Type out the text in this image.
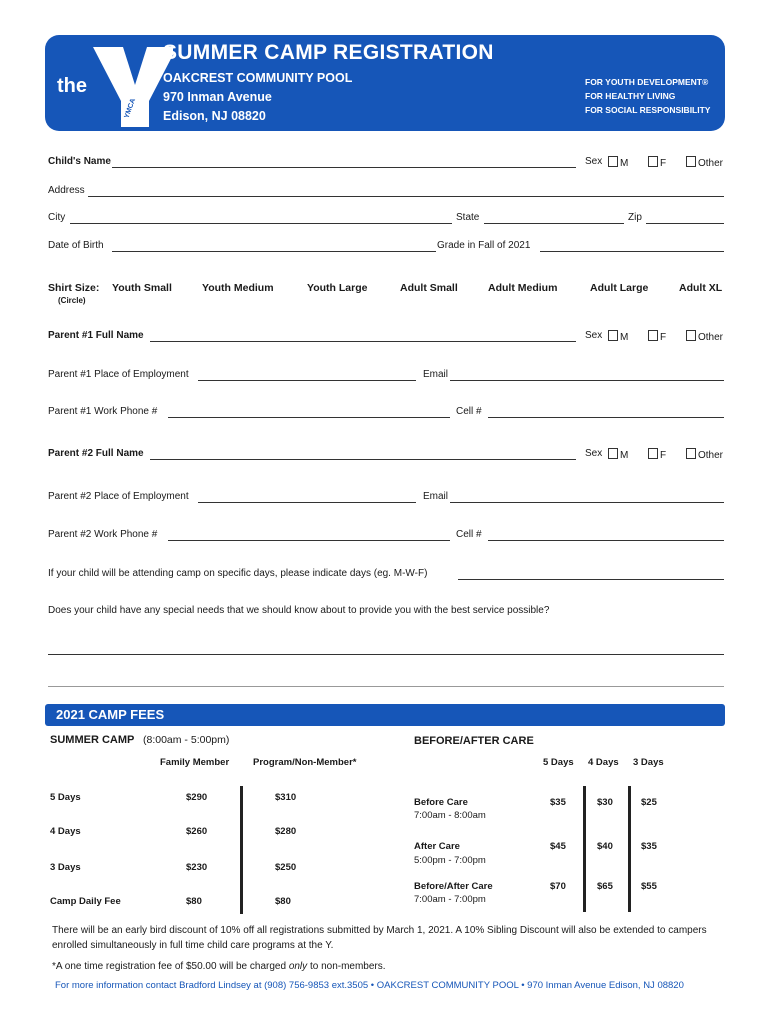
the
YMCA
SUMMER CAMP REGISTRATION
OAKCREST COMMUNITY POOL
970 Inman Avenue
Edison, NJ 08820
FOR YOUTH DEVELOPMENT®
FOR HEALTHY LIVING
FOR SOCIAL RESPONSIBILITY
Child's Name	Sex	M	F	Other
Address
City	State	Zip
Date of Birth	Grade in Fall of 2021
Shirt Size:
(Circle)
Youth Small	Youth Medium	Youth Large	Adult Small	Adult Medium	Adult Large	Adult XL
Parent #1 Full Name	Sex	M	F	Other
Parent #1 Place of Employment	Email
Parent #1 Work Phone #	Cell #
Parent #2 Full Name	Sex	M	F	Other
Parent #2 Place of Employment	Email
Parent #2 Work Phone #	Cell #
If your child will be attending camp on specific days, please indicate days (eg. M-W-F)
Does your child have any special needs that we should know about to provide you with the best service possible?
2021 CAMP FEES
SUMMER CAMP (8:00am - 5:00pm)
Family Member	Program/Non-Member*
5 Days	$290	$310
4 Days	$260	$280
3 Days	$230	$250
Camp Daily Fee	$80	$80
BEFORE/AFTER CARE
5 Days 4 Days 3 Days
Before Care
7:00am - 8:00am
$35	$30	$25
After Care
5:00pm - 7:00pm
$45	$40	$35
Before/After Care
7:00am - 7:00pm
$70	$65	$55
There will be an early bird discount of 10% off all registrations submitted by March 1, 2021. A 10% Sibling Discount will also be extended to campers enrolled simultaneously in full time child care programs at the Y.
*A one time registration fee of $50.00 will be charged only to non-members.
For more information contact Bradford Lindsey at (908) 756-9853 ext.3505 • OAKCREST COMMUNITY POOL • 970 Inman Avenue Edison, NJ 08820
